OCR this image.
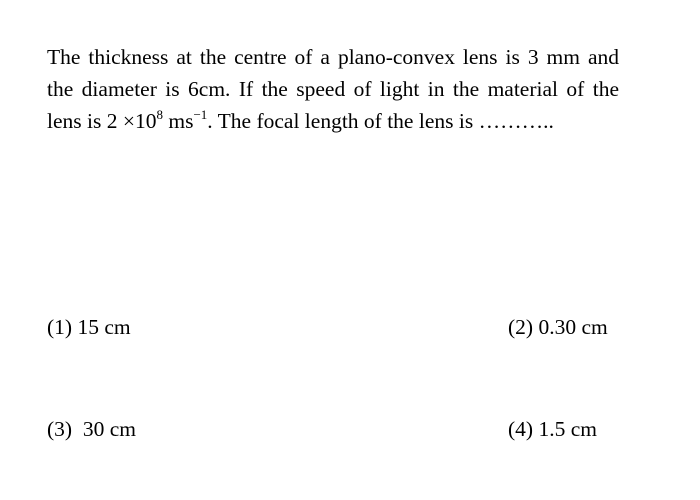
The thickness at the centre of a plano-convex lens is 3 mm and
the diameter is 6cm. If the speed of light in the material of the
lens is $2 \times 10^8$ $ms^{-1}$. The focal length of the lens is ………..
(1) 15 cm	(2) 0.30 cm
(3)  30 cm	(4) 1.5 cm
